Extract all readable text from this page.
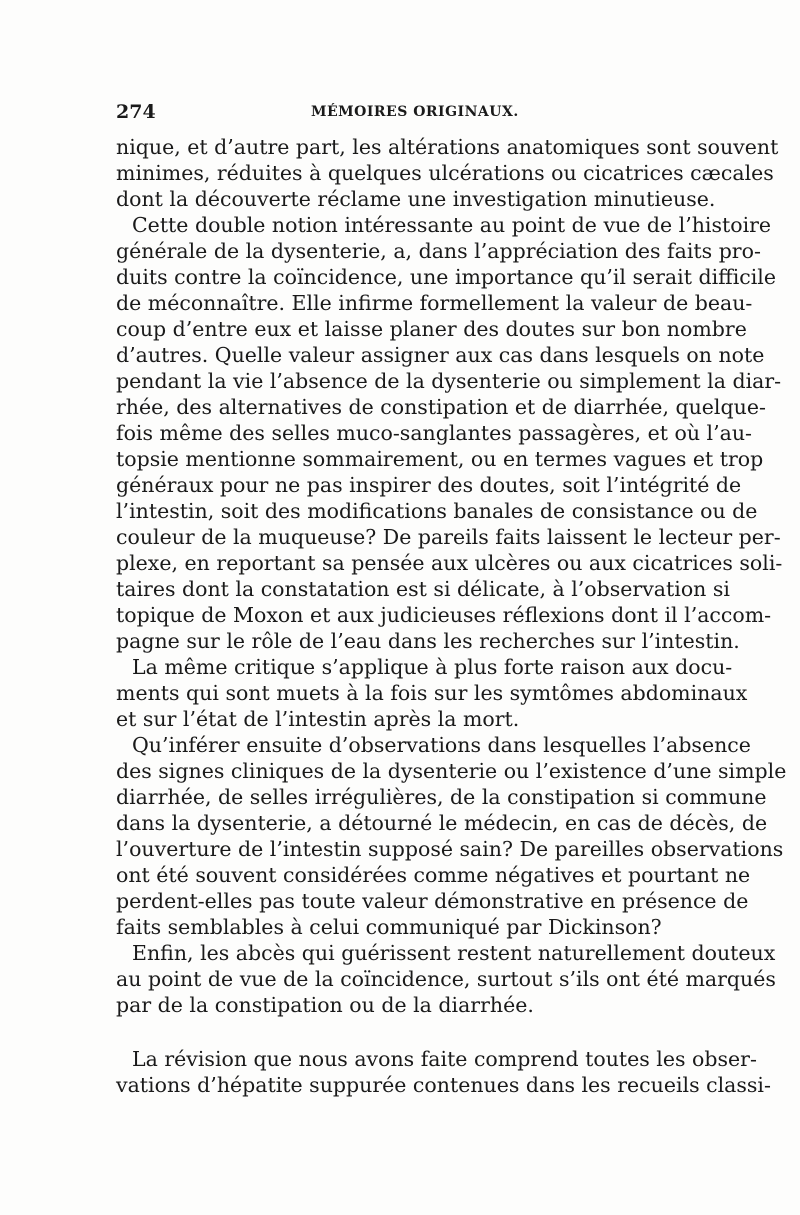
274	MÉMOIRES ORIGINAUX.
nique, et d’autre part, les altérations anatomiques sont souvent
minimes, réduites à quelques ulcérations ou cicatrices cæcales
dont la découverte réclame une investigation minutieuse.
Cette double notion intéressante au point de vue de l’histoire
générale de la dysenterie, a, dans l’appréciation des faits pro-
duits contre la coïncidence, une importance qu’il serait difficile
de méconnaître. Elle infirme formellement la valeur de beau-
coup d’entre eux et laisse planer des doutes sur bon nombre
d’autres. Quelle valeur assigner aux cas dans lesquels on note
pendant la vie l’absence de la dysenterie ou simplement la diar-
rhée, des alternatives de constipation et de diarrhée, quelque-
fois même des selles muco-sanglantes passagères, et où l’au-
topsie mentionne sommairement, ou en termes vagues et trop
généraux pour ne pas inspirer des doutes, soit l’intégrité de
l’intestin, soit des modifications banales de consistance ou de
couleur de la muqueuse? De pareils faits laissent le lecteur per-
plexe, en reportant sa pensée aux ulcères ou aux cicatrices soli-
taires dont la constatation est si délicate, à l’observation si
topique de Moxon et aux judicieuses réflexions dont il l’accom-
pagne sur le rôle de l’eau dans les recherches sur l’intestin.
La même critique s’applique à plus forte raison aux docu-
ments qui sont muets à la fois sur les symtômes abdominaux
et sur l’état de l’intestin après la mort.
Qu’inférer ensuite d’observations dans lesquelles l’absence
des signes cliniques de la dysenterie ou l’existence d’une simple
diarrhée, de selles irrégulières, de la constipation si commune
dans la dysenterie, a détourné le médecin, en cas de décès, de
l’ouverture de l’intestin supposé sain? De pareilles observations
ont été souvent considérées comme négatives et pourtant ne
perdent-elles pas toute valeur démonstrative en présence de
faits semblables à celui communiqué par Dickinson?
Enfin, les abcès qui guérissent restent naturellement douteux
au point de vue de la coïncidence, surtout s’ils ont été marqués
par de la constipation ou de la diarrhée.
La révision que nous avons faite comprend toutes les obser-
vations d’hépatite suppurée contenues dans les recueils classi-
